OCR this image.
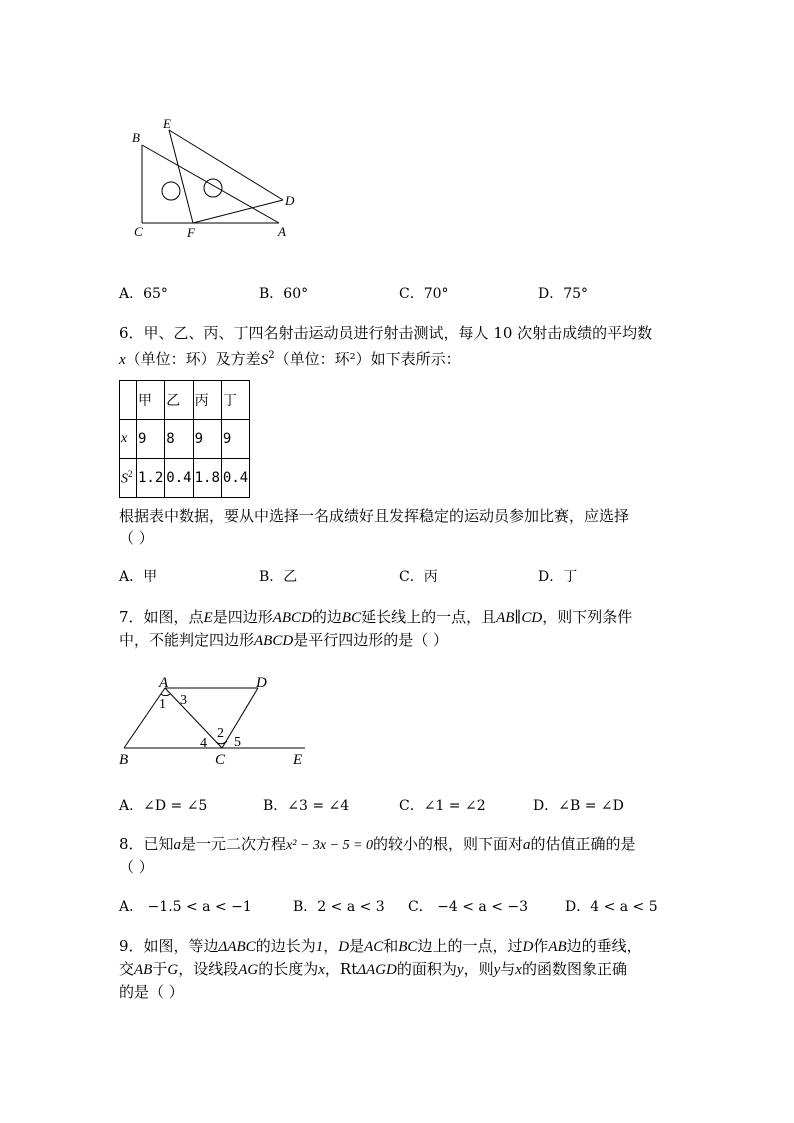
B
E
D
C	F	A
A．65°	B．60°	C．70°	D．75°
6．甲、乙、丙、丁四名射击运动员进行射击测试，每人 10 次射击成绩的平均数
x（单位：环）及方差$S^2$（单位：环²）如下表所示：
	甲	乙	丙	丁
x	9	8	9	9
$S^2$	1.2	0.4	1.8	0.4
根据表中数据，要从中选择一名成绩好且发挥稳定的运动员参加比赛，应选择
（ ）
A．甲	B．乙	C．丙	D．丁
7．如图，点E是四边形ABCD的边BC延长线上的一点，且AB∥CD，则下列条件
中，不能判定四边形ABCD是平行四边形的是（ ）
A	D
B	C	E
1 3
2
4 5
A．∠D = ∠5	B．∠3 = ∠4	C．∠1 = ∠2	D．∠B = ∠D
8．已知a是一元二次方程x² − 3x − 5 = 0的较小的根，则下面对a的估值正确的是
（ ）
A． −1.5 < a < −1	B．2 < a < 3 C． −4 < a < −3	D．4 < a < 5
9．如图，等边ΔABC的边长为1，D是AC和BC边上的一点，过D作AB边的垂线，
交AB于G，设线段AG的长度为x，RtΔAGD的面积为y，则y与x的函数图象正确
的是（ ）
